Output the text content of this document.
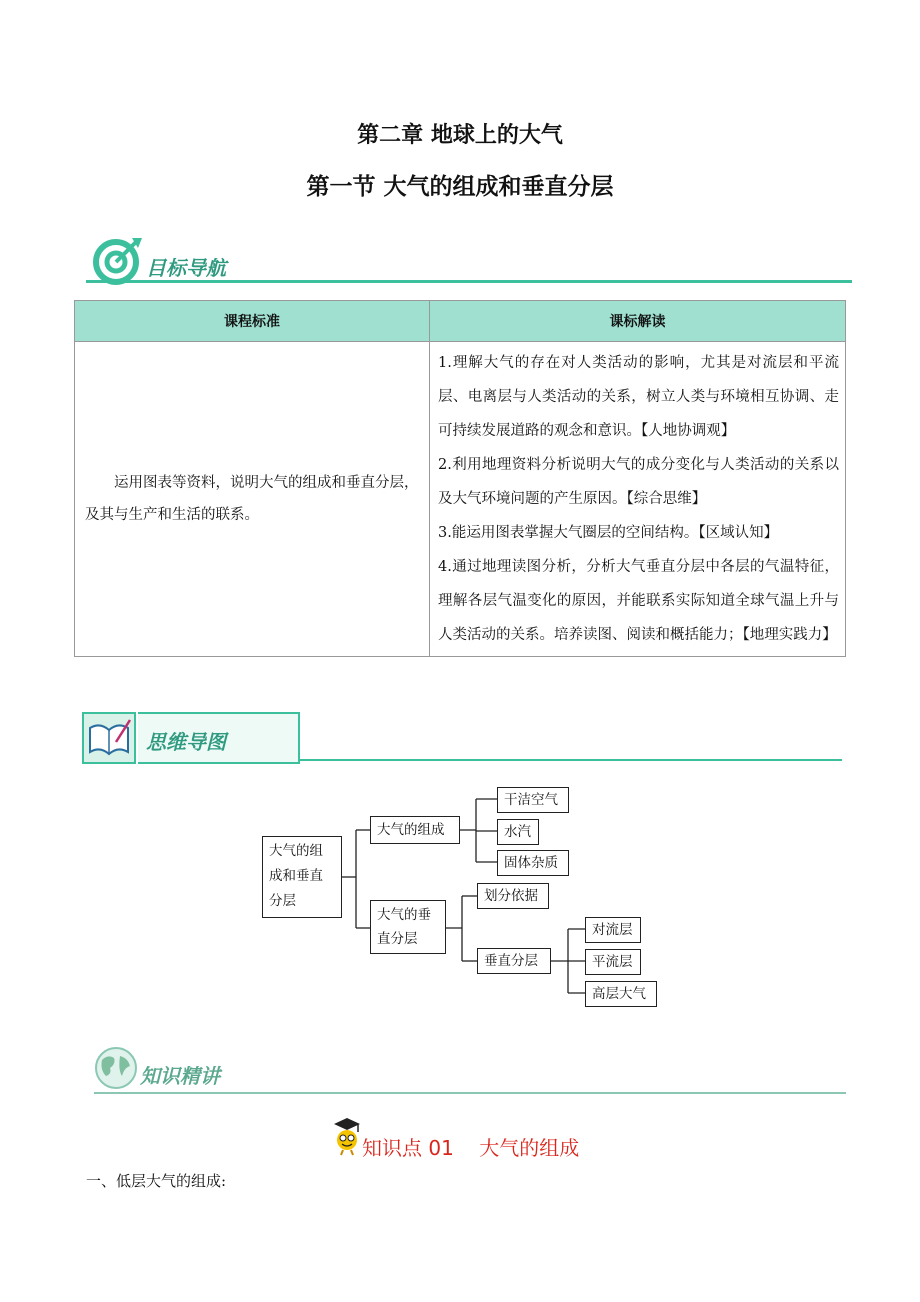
第二章 地球上的大气
第一节 大气的组成和垂直分层
目标导航
课程标准	课标解读

运用图表等资料，说明大气的组成和垂直分层，及其与生产和生活的联系。	1.理解大气的存在对人类活动的影响，尤其是对流层和平流层、电离层与人类活动的关系，树立人类与环境相互协调、走可持续发展道路的观念和意识。【人地协调观】

2.利用地理资料分析说明大气的成分变化与人类活动的关系以及大气环境问题的产生原因。【综合思维】

3.能运用图表掌握大气圈层的空间结构。【区域认知】

4.通过地理读图分析，分析大气垂直分层中各层的气温特征，理解各层气温变化的原因，并能联系实际知道全球气温上升与人类活动的关系。培养读图、阅读和概括能力；【地理实践力】

思维导图
大气的组成和垂直分层
大气的组成
干洁空气
水汽
固体杂质
大气的垂直分层
划分依据
垂直分层
对流层
平流层
高层大气
知识精讲
知识点 01    大气的组成
一、低层大气的组成:
